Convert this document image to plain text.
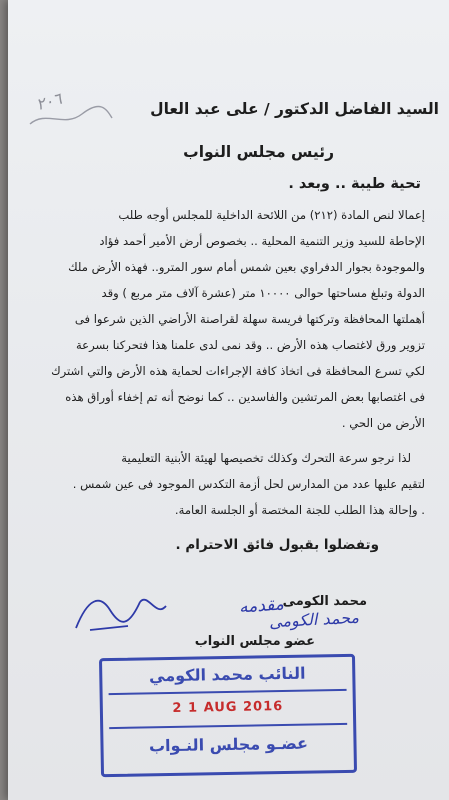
٢٠٦	السيد الفاضل الدكتور / على عبد العال
رئيس مجلس النواب
تحية طيبة .. وبعد .
إعمالا لنص المادة (٢١٢) من اللائحة الداخلية للمجلس أوجه طلب
الإحاطة للسيد وزير التنمية المحلية .. بخصوص أرض الأمير أحمد فؤاد
والموجودة بجوار الدفراوي بعين شمس أمام سور المترو.. فهذه الأرض ملك
الدولة وتبلغ مساحتها حوالى ١٠٠٠٠ متر (عشرة آلاف متر مربع ) وقد
أهملتها المحافظة وتركتها فريسة سهلة لقراصنة الأراضي الذين شرعوا فى
تزوير ورق لاغتصاب هذه الأرض .. وقد نمى لدى علمنا هذا فتحركنا بسرعة
لكي تسرع المحافظة فى اتخاذ كافة الإجراءات لحماية هذه الأرض والتي اشترك
فى اغتصابها بعض المرتشين والفاسدين .. كما نوضح أنه تم إخفاء أوراق هذه
الأرض من الحي .
لذا نرجو سرعة التحرك وكذلك تخصيصها لهيئة الأبنية التعليمية
لتقيم عليها عدد من المدارس لحل أزمة التكدس الموجود فى عين شمس .
. وإحالة هذا الطلب للجنة المختصة أو الجلسة العامة.
وتفضلوا بقبول فائق الاحترام .
محمد الكومى
مقدمه
محمد الكومى
عضو مجلس النواب
النائب محمد الكومي
2 1 AUG 2016
عضـو مجلس النـواب
